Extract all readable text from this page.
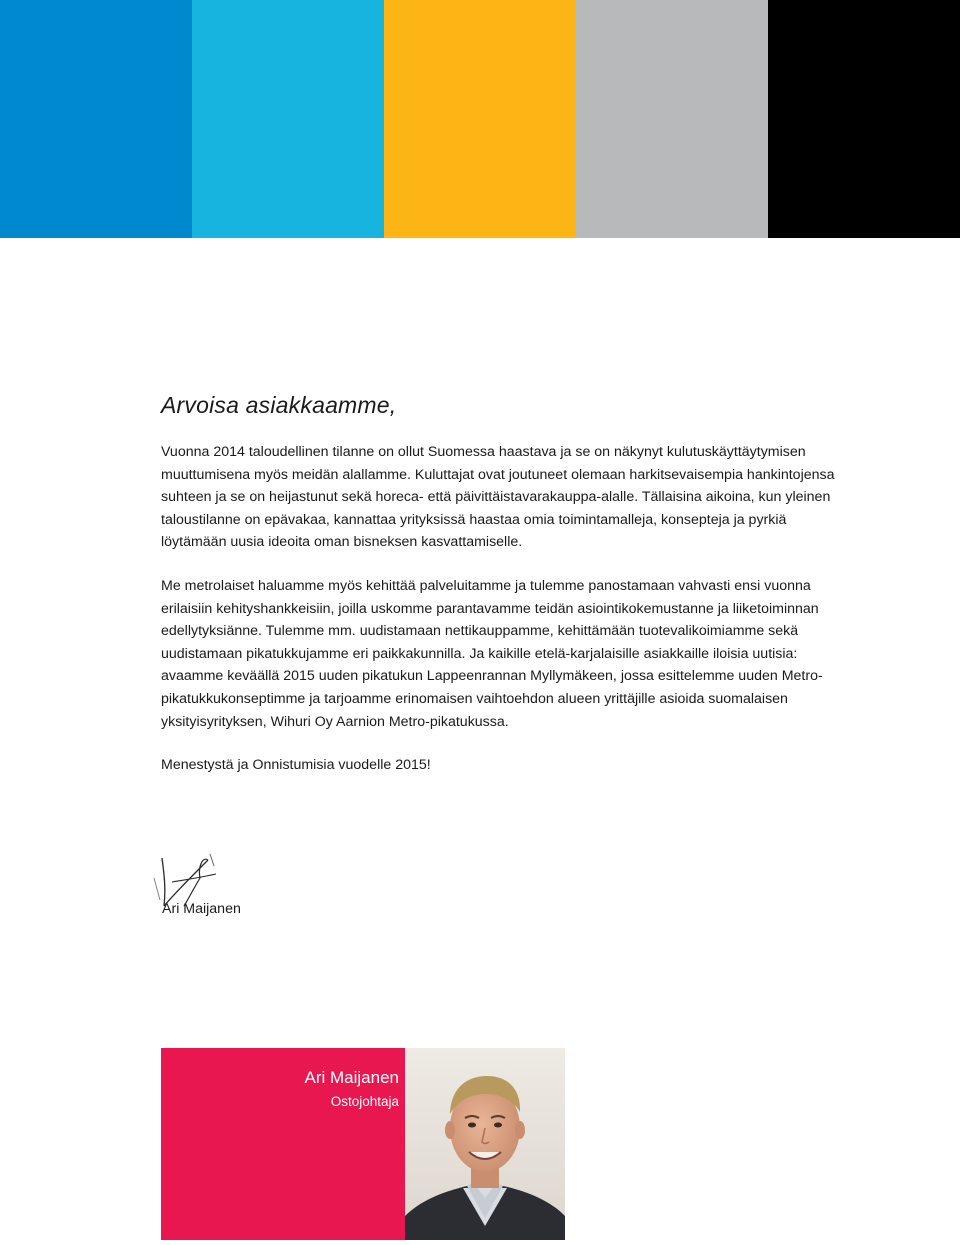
Arvoisa asiakkaamme,

Vuonna 2014 taloudellinen tilanne on ollut Suomessa haastava ja se on näkynyt kulutuskäyttäytymisen muuttumisena myös meidän alallamme. Kuluttajat ovat joutuneet olemaan harkitsevaisempia hankintojensa suhteen ja se on heijastunut sekä horeca- että päivittäistavarakauppa-alalle. Tällaisina aikoina, kun yleinen taloustilanne on epävakaa, kannattaa yrityksissä haastaa omia toimintamalleja, konsepteja ja pyrkiä löytämään uusia ideoita oman bisneksen kasvattamiselle.

Me metrolaiset haluamme myös kehittää palveluitamme ja tulemme panostamaan vahvasti ensi vuonna erilaisiin kehityshankkeisiin, joilla uskomme parantavamme teidän asiointikokemustanne ja liiketoiminnan edellytyksiänne. Tulemme mm. uudistamaan nettikauppamme, kehittämään tuotevalikoimiamme sekä uudistamaan pikatukkujamme eri paikkakunnilla. Ja kaikille etelä-karjalaisille asiakkaille iloisia uutisia: avaamme keväällä 2015 uuden pikatukun Lappeenrannan Myllymäkeen, jossa esittelemme uuden Metro-pikatukkukonseptimme ja tarjoamme erinomaisen vaihtoehdon alueen yrittäjille asioida suomalaisen yksityisyrityksen, Wihuri Oy Aarnion Metro-pikatukussa.

Menestystä ja Onnistumisia vuodelle 2015!

Ari Maijanen
Ari Maijanen
Ostojohtaja
